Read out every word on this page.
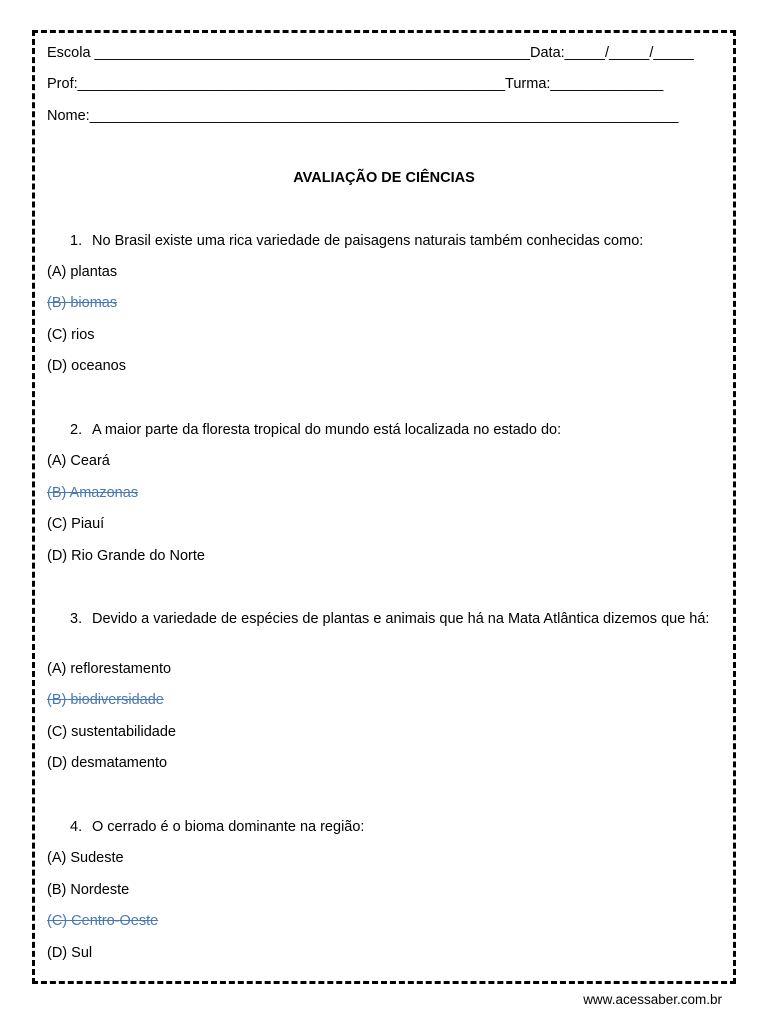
Escola ______________________________________________________Data:_____/_____/_____
Prof:_____________________________________________________Turma:______________
Nome:_________________________________________________________________________
AVALIAÇÃO DE CIÊNCIAS
1. No Brasil existe uma rica variedade de paisagens naturais também conhecidas como:
(A) plantas
(B) biomas
(C) rios
(D) oceanos
2. A maior parte da floresta tropical do mundo está localizada no estado do:
(A) Ceará
(B) Amazonas
(C) Piauí
(D) Rio Grande do Norte
3. Devido a variedade de espécies de plantas e animais que há na Mata Atlântica dizemos que há:
(A) reflorestamento
(B) biodiversidade
(C) sustentabilidade
(D) desmatamento
4. O cerrado é o bioma dominante na região:
(A) Sudeste
(B) Nordeste
(C) Centro-Oeste
(D) Sul
www.acessaber.com.br
